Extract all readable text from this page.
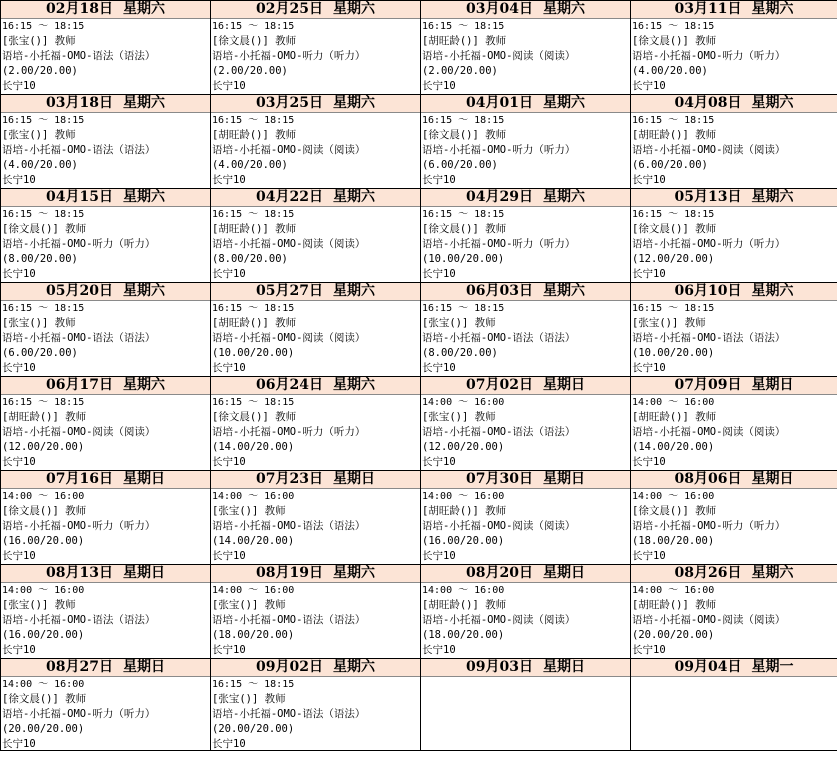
02月18日 星期六
16:15 ～ 18:15
[张宝()] 教师
语培-小托福-OMO-语法（语法）
(2.00/20.00)
长宁10
02月25日 星期六
16:15 ～ 18:15
[徐文晨()] 教师
语培-小托福-OMO-听力（听力）
(2.00/20.00)
长宁10
03月04日 星期六
16:15 ～ 18:15
[胡旺龄()] 教师
语培-小托福-OMO-阅读（阅读）
(2.00/20.00)
长宁10
03月11日 星期六
16:15 ～ 18:15
[徐文晨()] 教师
语培-小托福-OMO-听力（听力）
(4.00/20.00)
长宁10
03月18日 星期六
16:15 ～ 18:15
[张宝()] 教师
语培-小托福-OMO-语法（语法）
(4.00/20.00)
长宁10
03月25日 星期六
16:15 ～ 18:15
[胡旺龄()] 教师
语培-小托福-OMO-阅读（阅读）
(4.00/20.00)
长宁10
04月01日 星期六
16:15 ～ 18:15
[徐文晨()] 教师
语培-小托福-OMO-听力（听力）
(6.00/20.00)
长宁10
04月08日 星期六
16:15 ～ 18:15
[胡旺龄()] 教师
语培-小托福-OMO-阅读（阅读）
(6.00/20.00)
长宁10
04月15日 星期六
16:15 ～ 18:15
[徐文晨()] 教师
语培-小托福-OMO-听力（听力）
(8.00/20.00)
长宁10
04月22日 星期六
16:15 ～ 18:15
[胡旺龄()] 教师
语培-小托福-OMO-阅读（阅读）
(8.00/20.00)
长宁10
04月29日 星期六
16:15 ～ 18:15
[徐文晨()] 教师
语培-小托福-OMO-听力（听力）
(10.00/20.00)
长宁10
05月13日 星期六
16:15 ～ 18:15
[徐文晨()] 教师
语培-小托福-OMO-听力（听力）
(12.00/20.00)
长宁10
05月20日 星期六
16:15 ～ 18:15
[张宝()] 教师
语培-小托福-OMO-语法（语法）
(6.00/20.00)
长宁10
05月27日 星期六
16:15 ～ 18:15
[胡旺龄()] 教师
语培-小托福-OMO-阅读（阅读）
(10.00/20.00)
长宁10
06月03日 星期六
16:15 ～ 18:15
[张宝()] 教师
语培-小托福-OMO-语法（语法）
(8.00/20.00)
长宁10
06月10日 星期六
16:15 ～ 18:15
[张宝()] 教师
语培-小托福-OMO-语法（语法）
(10.00/20.00)
长宁10
06月17日 星期六
16:15 ～ 18:15
[胡旺龄()] 教师
语培-小托福-OMO-阅读（阅读）
(12.00/20.00)
长宁10
06月24日 星期六
16:15 ～ 18:15
[徐文晨()] 教师
语培-小托福-OMO-听力（听力）
(14.00/20.00)
长宁10
07月02日 星期日
14:00 ～ 16:00
[张宝()] 教师
语培-小托福-OMO-语法（语法）
(12.00/20.00)
长宁10
07月09日 星期日
14:00 ～ 16:00
[胡旺龄()] 教师
语培-小托福-OMO-阅读（阅读）
(14.00/20.00)
长宁10
07月16日 星期日
14:00 ～ 16:00
[徐文晨()] 教师
语培-小托福-OMO-听力（听力）
(16.00/20.00)
长宁10
07月23日 星期日
14:00 ～ 16:00
[张宝()] 教师
语培-小托福-OMO-语法（语法）
(14.00/20.00)
长宁10
07月30日 星期日
14:00 ～ 16:00
[胡旺龄()] 教师
语培-小托福-OMO-阅读（阅读）
(16.00/20.00)
长宁10
08月06日 星期日
14:00 ～ 16:00
[徐文晨()] 教师
语培-小托福-OMO-听力（听力）
(18.00/20.00)
长宁10
08月13日 星期日
14:00 ～ 16:00
[张宝()] 教师
语培-小托福-OMO-语法（语法）
(16.00/20.00)
长宁10
08月19日 星期六
14:00 ～ 16:00
[张宝()] 教师
语培-小托福-OMO-语法（语法）
(18.00/20.00)
长宁10
08月20日 星期日
14:00 ～ 16:00
[胡旺龄()] 教师
语培-小托福-OMO-阅读（阅读）
(18.00/20.00)
长宁10
08月26日 星期六
14:00 ～ 16:00
[胡旺龄()] 教师
语培-小托福-OMO-阅读（阅读）
(20.00/20.00)
长宁10
08月27日 星期日
14:00 ～ 16:00
[徐文晨()] 教师
语培-小托福-OMO-听力（听力）
(20.00/20.00)
长宁10
09月02日 星期六
16:15 ～ 18:15
[张宝()] 教师
语培-小托福-OMO-语法（语法）
(20.00/20.00)
长宁10
09月03日 星期日	09月04日 星期一
